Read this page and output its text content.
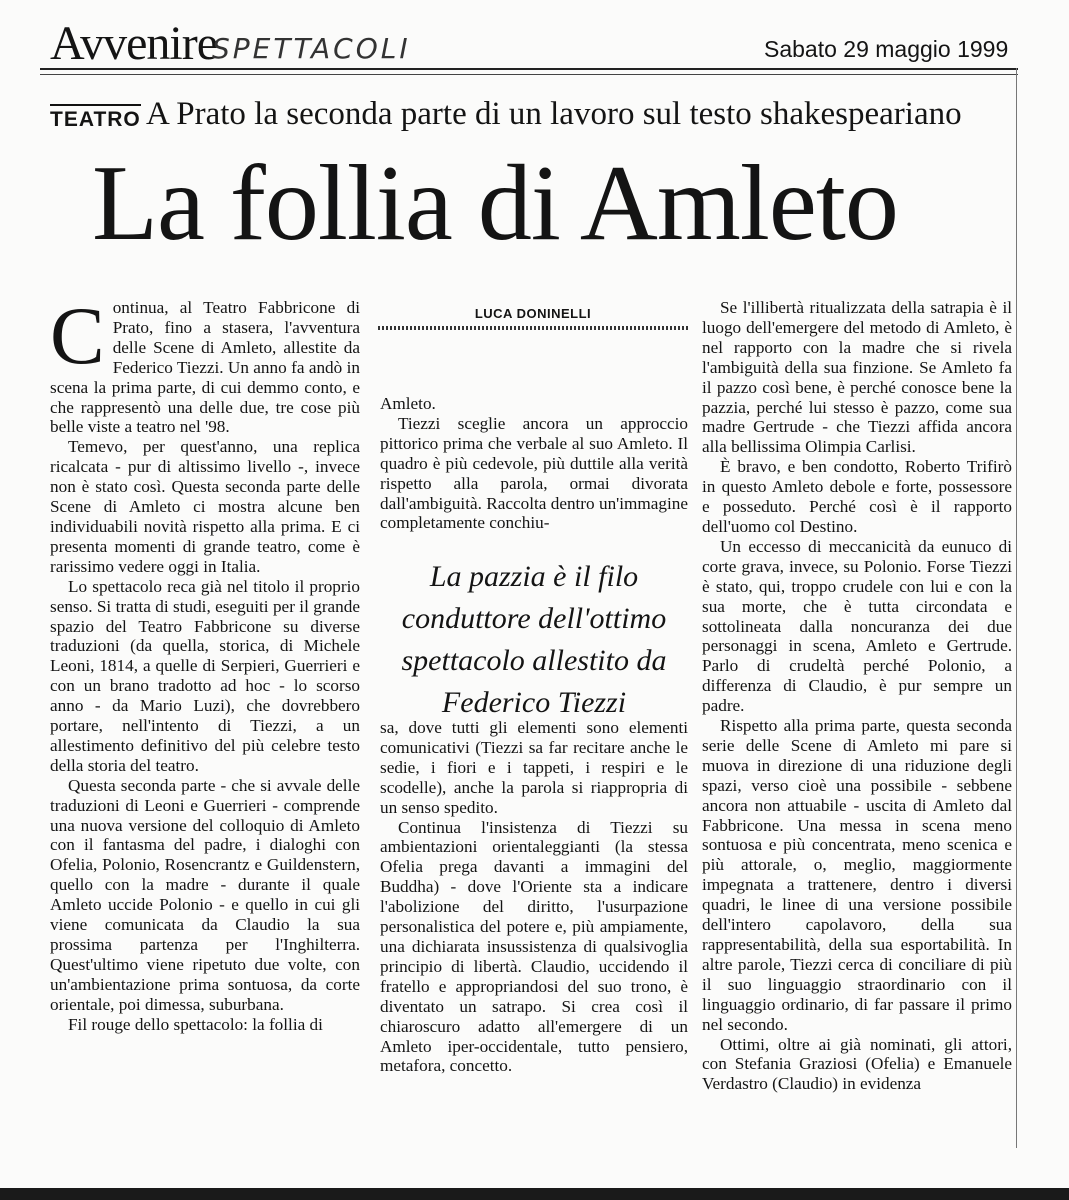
Avvenire
SPETTACOLI	Sabato 29 maggio 1999
TEATRO A Prato la seconda parte di un lavoro sul testo shakespeariano
La follia di Amleto
LUCA DONINELLI

Continua, al Teatro Fabbricone di Prato, fino a stasera, l'avventura delle Scene di Amleto, allestite da Federico Tiezzi. Un anno fa andò in scena la prima parte, di cui demmo conto, e che rappresentò una delle due, tre cose più belle viste a teatro nel '98.

Temevo, per quest'anno, una replica ricalcata - pur di altissimo livello -, invece non è stato così. Questa seconda parte delle Scene di Amleto ci mostra alcune ben individuabili novità rispetto alla prima. E ci presenta momenti di grande teatro, come è rarissimo vedere oggi in Italia.

Lo spettacolo reca già nel titolo il proprio senso. Si tratta di studi, eseguiti per il grande spazio del Teatro Fabbricone su diverse traduzioni (da quella, storica, di Michele Leoni, 1814, a quelle di Serpieri, Guerrieri e con un brano tradotto ad hoc - lo scorso anno - da Mario Luzi), che dovrebbero portare, nell'intento di Tiezzi, a un allestimento definitivo del più celebre testo della storia del teatro.

Questa seconda parte - che si avvale delle traduzioni di Leoni e Guerrieri - comprende una nuova versione del colloquio di Amleto con il fantasma del padre, i dialoghi con Ofelia, Polonio, Rosencrantz e Guildenstern, quello con la madre - durante il quale Amleto uccide Polonio - e quello in cui gli viene comunicata da Claudio la sua prossima partenza per l'Inghilterra. Quest'ultimo viene ripetuto due volte, con un'ambientazione prima sontuosa, da corte orientale, poi dimessa, suburbana.

Fil rouge dello spettacolo: la follia di

Amleto.

Tiezzi sceglie ancora un approccio pittorico prima che verbale al suo Amleto. Il quadro è più cedevole, più duttile alla verità rispetto alla parola, ormai divorata dall'ambiguità. Raccolta dentro un'immagine completamente conchiu-

La pazzia è il filo conduttore dell'ottimo spettacolo allestito da Federico Tiezzi

sa, dove tutti gli elementi sono elementi comunicativi (Tiezzi sa far recitare anche le sedie, i fiori e i tappeti, i respiri e le scodelle), anche la parola si riappropria di un senso spedito.

Continua l'insistenza di Tiezzi su ambientazioni orientaleggianti (la stessa Ofelia prega davanti a immagini del Buddha) - dove l'Oriente sta a indicare l'abolizione del diritto, l'usurpazione personalistica del potere e, più ampiamente, una dichiarata insussistenza di qualsivoglia principio di libertà. Claudio, uccidendo il fratello e appropriandosi del suo trono, è diventato un satrapo. Si crea così il chiaroscuro adatto all'emergere di un Amleto iper-occidentale, tutto pensiero, metafora, concetto.

Se l'illibertà ritualizzata della satrapia è il luogo dell'emergere del metodo di Amleto, è nel rapporto con la madre che si rivela l'ambiguità della sua finzione. Se Amleto fa il pazzo così bene, è perché conosce bene la pazzia, perché lui stesso è pazzo, come sua madre Gertrude - che Tiezzi affida ancora alla bellissima Olimpia Carlisi.

È bravo, e ben condotto, Roberto Trifirò in questo Amleto debole e forte, possessore e posseduto. Perché così è il rapporto dell'uomo col Destino.

Un eccesso di meccanicità da eunuco di corte grava, invece, su Polonio. Forse Tiezzi è stato, qui, troppo crudele con lui e con la sua morte, che è tutta circondata e sottolineata dalla noncuranza dei due personaggi in scena, Amleto e Gertrude. Parlo di crudeltà perché Polonio, a differenza di Claudio, è pur sempre un padre.

Rispetto alla prima parte, questa seconda serie delle Scene di Amleto mi pare si muova in direzione di una riduzione degli spazi, verso cioè una possibile - sebbene ancora non attuabile - uscita di Amleto dal Fabbricone. Una messa in scena meno sontuosa e più concentrata, meno scenica e più attorale, o, meglio, maggiormente impegnata a trattenere, dentro i diversi quadri, le linee di una versione possibile dell'intero capolavoro, della sua rappresentabilità, della sua esportabilità. In altre parole, Tiezzi cerca di conciliare di più il suo linguaggio straordinario con il linguaggio ordinario, di far passare il primo nel secondo.

Ottimi, oltre ai già nominati, gli attori, con Stefania Graziosi (Ofelia) e Emanuele Verdastro (Claudio) in evidenza
